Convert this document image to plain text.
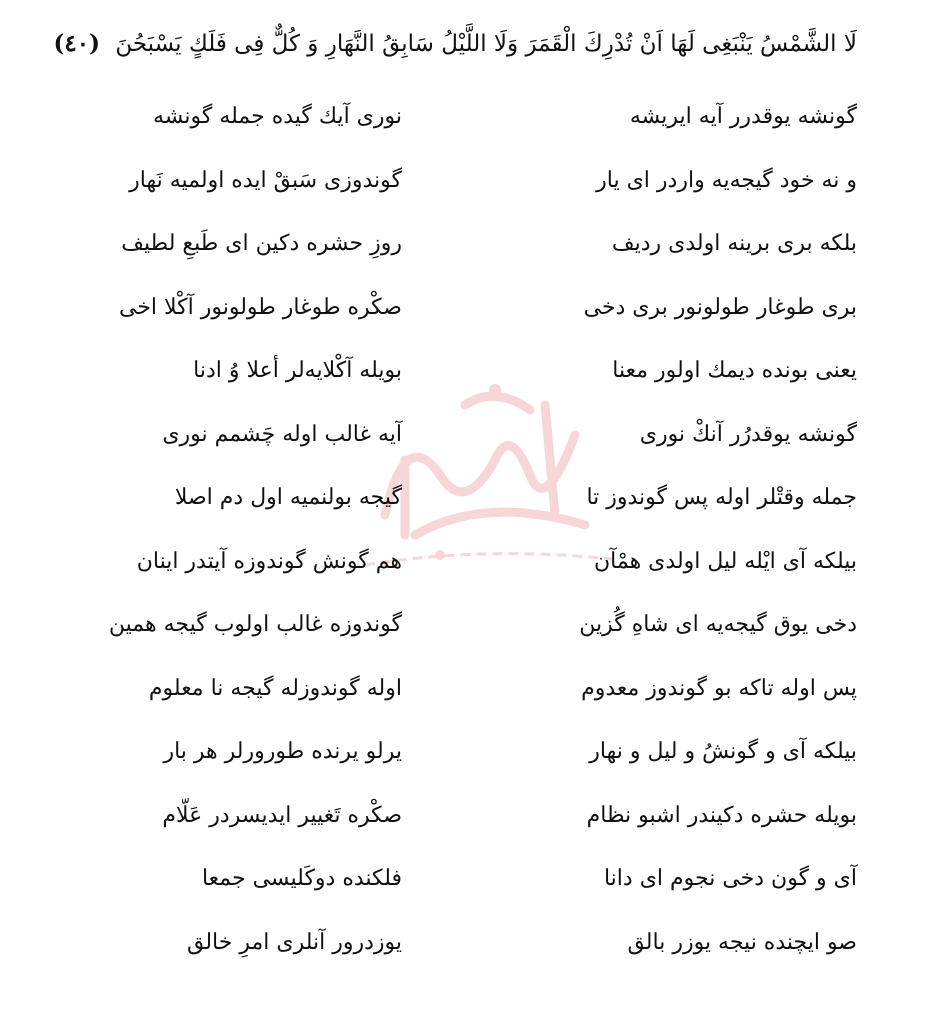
لَا الشَّمْسُ يَنْبَغِى لَهَا اَنْ تُدْرِكَ الْقَمَرَ وَلَا اللَّيْلُ سَابِقُ النَّهَارِ وَ كُلٌّ فِى فَلَكٍ يَسْبَحُنَ (٤٠)
گونشه يوقدرر آيه ايريشه
نورى آيك گيده جمله گونشه
و نه خود گيجه‌يه واردر اى يار
گوندوزى سَبقْ ايده اولميه نَهار
بلكه برى برينه اولدى رديف
روزِ حشره دكين اى طَبعِ لطيف
برى طوغار طولونور برى دخى
صكْره طوغار طولونور آكْلا اخى
يعنى بونده ديمك اولور معنا
بويله آكْلايه‌لر أعلا وُ ادنا
گونشه يوقدرُر آنكْ نورى
آيه غالب اوله چَشمم نورى
جمله وقتْلر اوله پس گوندوز تا
گيجه بولنميه اول دم اصلا
بيلكه آى ايْله ليل اولدى همْآن
هم گونش گوندوزه آيتدر اينان
دخى يوق گيجه‌يه اى شاهِ گُزين
گوندوزه غالب اولوب گيجه همين
پس اوله تاكه بو گوندوز معدوم
اوله گوندوزله گيجه نا معلوم
بيلكه آى و گونشُ و ليل و نهار
يرلو يرنده طورورلر هر بار
بويله حشره دكيندر اشبو نظام
صكْره تَغيير ايديسردر عَلّام
آى و گون دخى نجوم اى دانا
فلكنده دوكَليسى جمعا
صو ايچنده نيجه يوزر بالق
يوزدرور آنلرى امرِ خالق
